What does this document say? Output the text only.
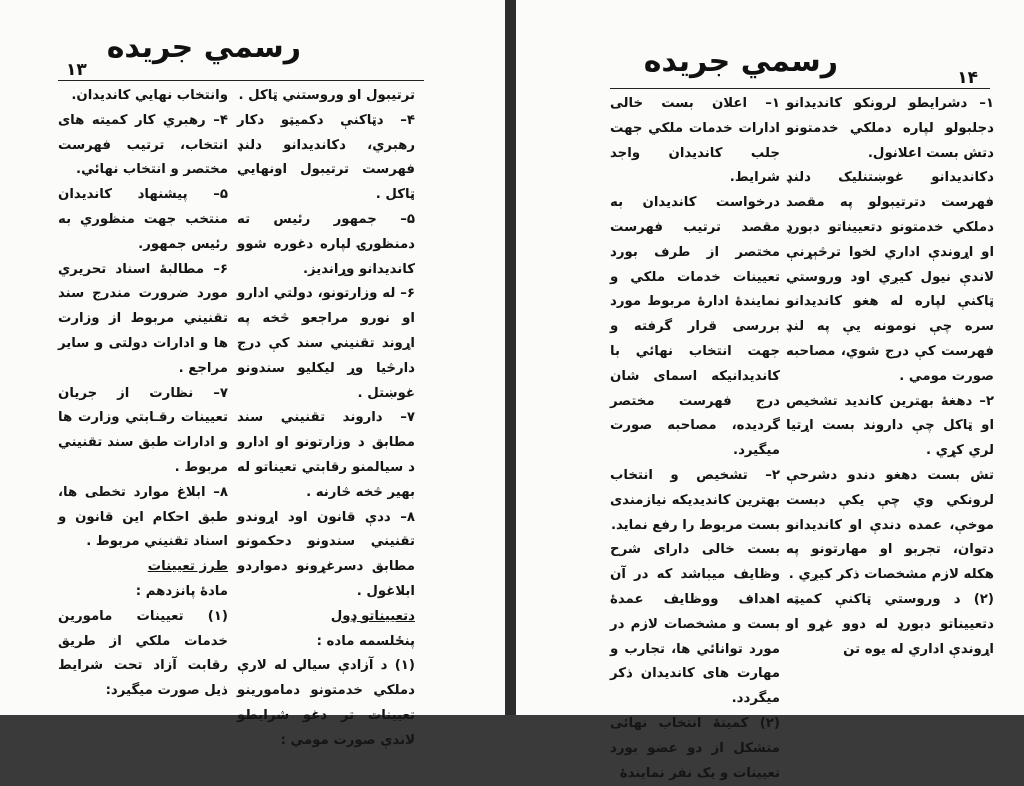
رسمي جريده
۱۳

ترتيبول او وروستني ټاکل .

۴– دټاکنې دکميټو دکار رهبري، دکانديدانو دلنډ فهرست ترتيبول اونهايي ټاکل .

۵– جمهور رئيس ته دمنظورۍ لپاره دغوره شوو کانديدانو وړانديز.

۶– له وزارتونو، دولتي ادارو او نورو مراجعو څخه په اړوند تقنيني سند کې درج دارڅيا وړ ليکليو سندونو غوښتل .

۷– داروند تقنيني سند مطابق د وزارتونو او ادارو د سيالمنو رقابتي تعيناتو له بهير څخه څارنه .

۸– ددې قانون اود اړوندو تقنيني سندونو دحکمونو مطابق دسرغړونو دموارد‌و ابلاغول .

دتعييناتو ډول

پنځلسمه ماده :

(۱) د آزادې سيالۍ له لارې دملکي خدمتونو دمامورينو تعيينات تر دغو شرايطو لاندې صورت مومي :

وانتخاب نهايي کانديدان.

۴– رهبري کار کميته هاى انتخاب، ترتيب فهرست مختصر و انتخاب نهائي.

۵– پيشنهاد کانديدان منتخب جهت منظوري به رئيس جمهور.

۶– مطالبهٔ اسناد تحريري مورد ضرورت مندرج سند تقنيني مربوط از وزارت ها و ادارات دولتى و ساير مراجع .

۷– نظارت از جريان تعيينات رقـابتي وزارت ها و ادارات طبق سند تقنيني مربوط .

۸– ابلاغ موارد تخطى ها، طبق احکام اين قانون و اسناد تقنيني مربوط .

طرز تعيينات

مادهٔ پانزدهم :

(۱) تعيينات مامورين خدمات ملکي از طريق رقابت آزاد تحت شرايط ذيل صورت ميگيرد:

رسمي جريده	۱۴

۱– دشرايطو لرونکو کانديدانو دجلبولو لپاره دملکي خدمتونو دتش بست اعلانول.

دکانديدانو غوښتنليک دلنډ فهرست دترتيبولو په مقصد دملکي خدمتونو دتعييناتو دبورډ او اړوندې اداري لخوا ترڅېړنې لاندې نيول کيږي اود وروستي ټاکنې لپاره له هغو کانديدانو سره چې نومونه يې په لنډ فهرست کې درج شوي، مصاحبه صورت مومي .

۲– دهغهٔ بهترين کانديد تشخيص او ټاکل چې داروند بست اړتيا لري کړي .

تش بست دهغو دندو دشرحې لرونکي وي چې يکې دبست موخې، عمده دندې او کانديدانو دتوان، تجربو او مهارتونو په هکله لازم مشخصات ذکر کيږي .

(۲) د وروستي ټاکنې کميټه دتعييناتو دبورډ له دوو غړو او اړوندې اداري له يوه تن

۱– اعلان بست خالى ادارات خدمات ملکي جهت جلب کانديدان واجد شرايط.

درخواست کانديدان به مقصد ترتيب فهرست مختصر از طرف بورد تعيينات خدمات ملکي و نمايندهٔ ادارهٔ مربوط مورد بررسى قرار گرفته و جهت انتخاب نهائي با کانديدانيکه اسماى شان درج فهرست مختصر گرديده، مصاحبه صورت ميگيرد.

۲– تشخيص و انتخاب بهترين کانديديکه نيازمندى بست مربوط را رفع نمايد.

بست خالى داراى شرح وظايف ميباشد که در آن اهداف ووظايف عمدهٔ بست و مشخصات لازم در مورد توانائي ها، تجارب و مهارت هاى کانديدان ذکر ميگردد.

(۲) کميتهٔ انتخاب نهائى متشکل از دو عضو بورد تعيينات و يک نفر نمايندهٔ
